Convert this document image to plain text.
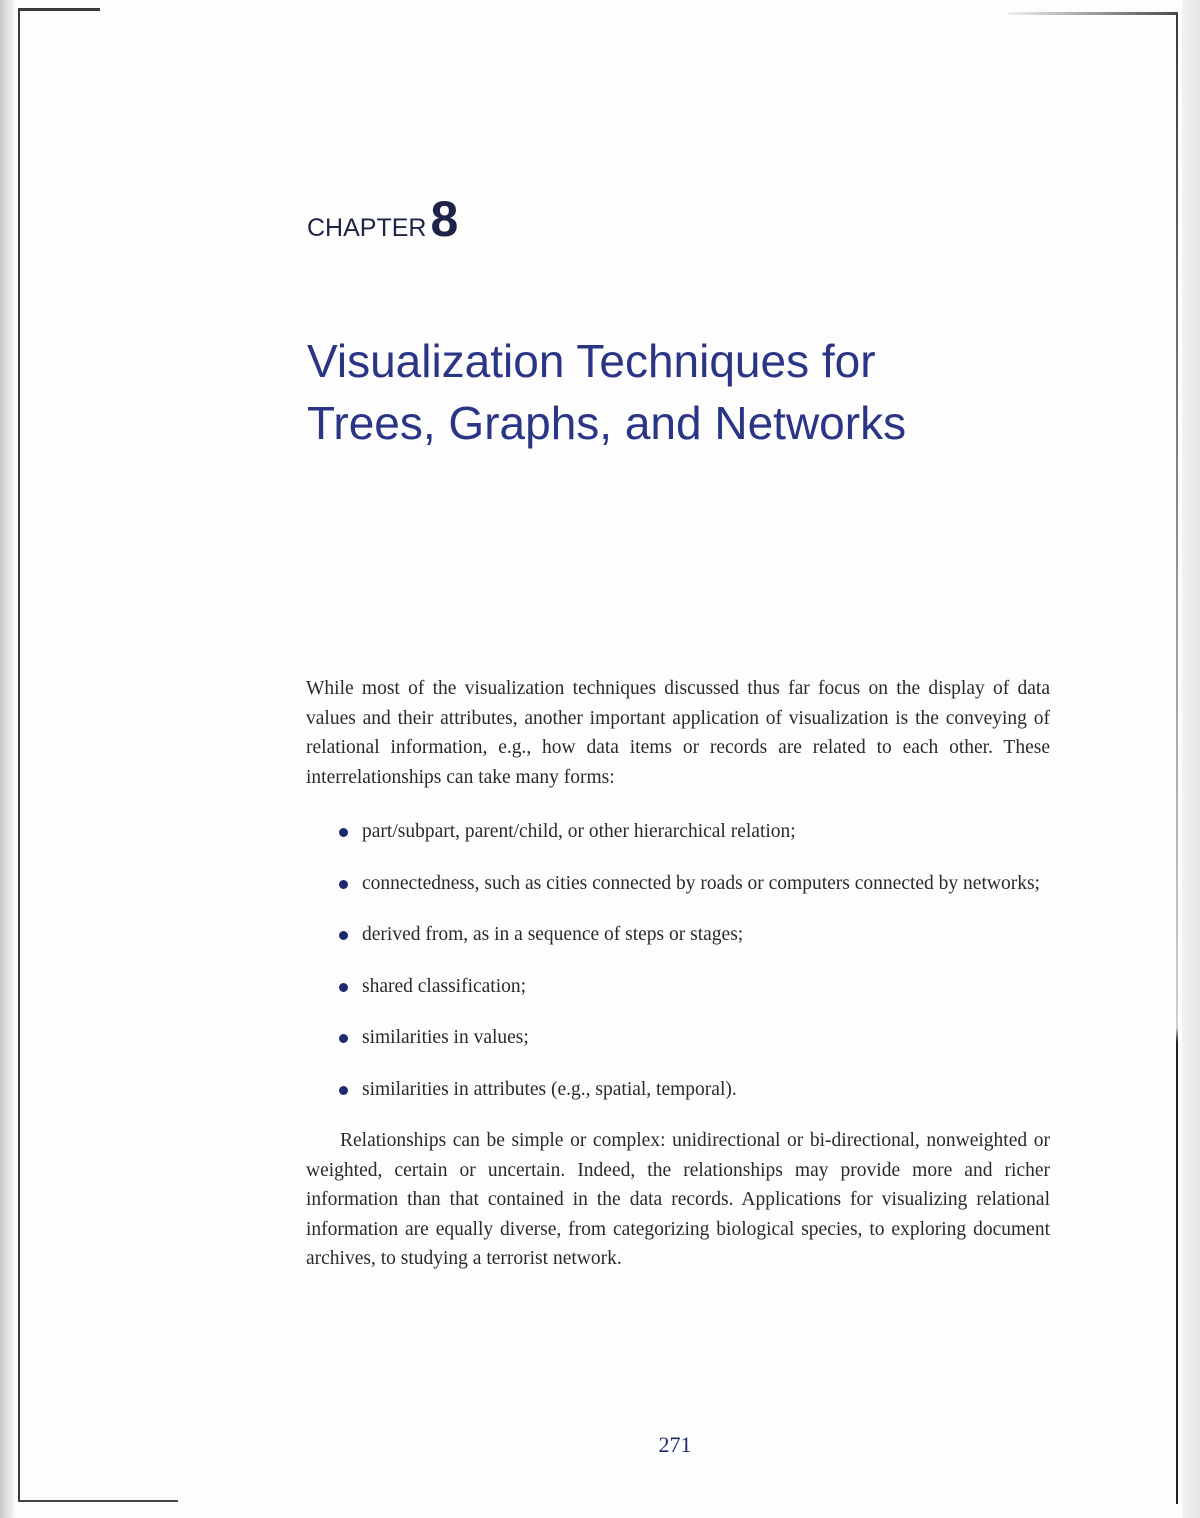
CHAPTER8
Visualization Techniques for
Trees, Graphs, and Networks

While most of the visualization techniques discussed thus far focus on the display of data values and their attributes, another important application of visualization is the conveying of relational information, e.g., how data items or records are related to each other. These interrelationships can take many forms:

part/subpart, parent/child, or other hierarchical relation;
connectedness, such as cities connected by roads or computers connected by networks;
derived from, as in a sequence of steps or stages;
shared classification;
similarities in values;
similarities in attributes (e.g., spatial, temporal).

Relationships can be simple or complex: unidirectional or bi-directional, nonweighted or weighted, certain or uncertain. Indeed, the relationships may provide more and richer information than that contained in the data records. Applications for visualizing relational information are equally diverse, from categorizing biological species, to exploring document archives, to studying a terrorist network.

271
